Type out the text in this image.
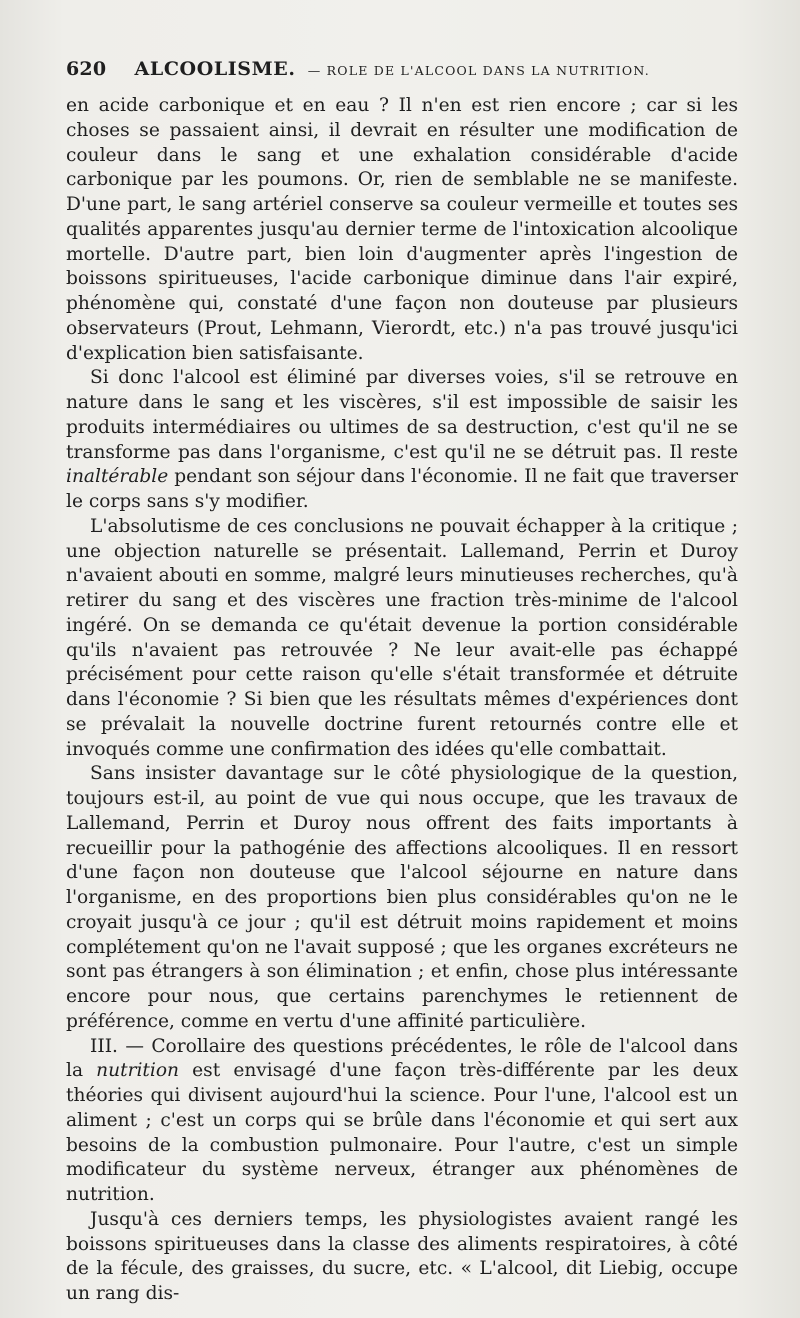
620 ALCOOLISME. — ROLE DE L'ALCOOL DANS LA NUTRITION.

en acide carbonique et en eau ? Il n'en est rien encore ; car si les choses se passaient ainsi, il devrait en résulter une modification de couleur dans le sang et une exhalation considérable d'acide carbonique par les poumons. Or, rien de semblable ne se manifeste. D'une part, le sang artériel conserve sa couleur vermeille et toutes ses qualités apparentes jusqu'au dernier terme de l'intoxication alcoolique mortelle. D'autre part, bien loin d'augmenter après l'ingestion de boissons spiritueuses, l'acide carbonique diminue dans l'air expiré, phénomène qui, constaté d'une façon non douteuse par plusieurs observateurs (Prout, Lehmann, Vierordt, etc.) n'a pas trouvé jusqu'ici d'explication bien satisfaisante.

Si donc l'alcool est éliminé par diverses voies, s'il se retrouve en nature dans le sang et les viscères, s'il est impossible de saisir les produits intermédiaires ou ultimes de sa destruction, c'est qu'il ne se transforme pas dans l'organisme, c'est qu'il ne se détruit pas. Il reste inaltérable pendant son séjour dans l'économie. Il ne fait que traverser le corps sans s'y modifier.

L'absolutisme de ces conclusions ne pouvait échapper à la critique ; une objection naturelle se présentait. Lallemand, Perrin et Duroy n'avaient abouti en somme, malgré leurs minutieuses recherches, qu'à retirer du sang et des viscères une fraction très-minime de l'alcool ingéré. On se demanda ce qu'était devenue la portion considérable qu'ils n'avaient pas retrouvée ? Ne leur avait-elle pas échappé précisément pour cette raison qu'elle s'était transformée et détruite dans l'économie ? Si bien que les résultats mêmes d'expériences dont se prévalait la nouvelle doctrine furent retournés contre elle et invoqués comme une confirmation des idées qu'elle combattait.

Sans insister davantage sur le côté physiologique de la question, toujours est-il, au point de vue qui nous occupe, que les travaux de Lallemand, Perrin et Duroy nous offrent des faits importants à recueillir pour la pathogénie des affections alcooliques. Il en ressort d'une façon non douteuse que l'alcool séjourne en nature dans l'organisme, en des proportions bien plus considérables qu'on ne le croyait jusqu'à ce jour ; qu'il est détruit moins rapidement et moins complétement qu'on ne l'avait supposé ; que les organes excréteurs ne sont pas étrangers à son élimination ; et enfin, chose plus intéressante encore pour nous, que certains parenchymes le retiennent de préférence, comme en vertu d'une affinité particulière.

III. — Corollaire des questions précédentes, le rôle de l'alcool dans la nutrition est envisagé d'une façon très-différente par les deux théories qui divisent aujourd'hui la science. Pour l'une, l'alcool est un aliment ; c'est un corps qui se brûle dans l'économie et qui sert aux besoins de la combustion pulmonaire. Pour l'autre, c'est un simple modificateur du système nerveux, étranger aux phénomènes de nutrition.

Jusqu'à ces derniers temps, les physiologistes avaient rangé les boissons spiritueuses dans la classe des aliments respiratoires, à côté de la fécule, des graisses, du sucre, etc. « L'alcool, dit Liebig, occupe un rang dis-
